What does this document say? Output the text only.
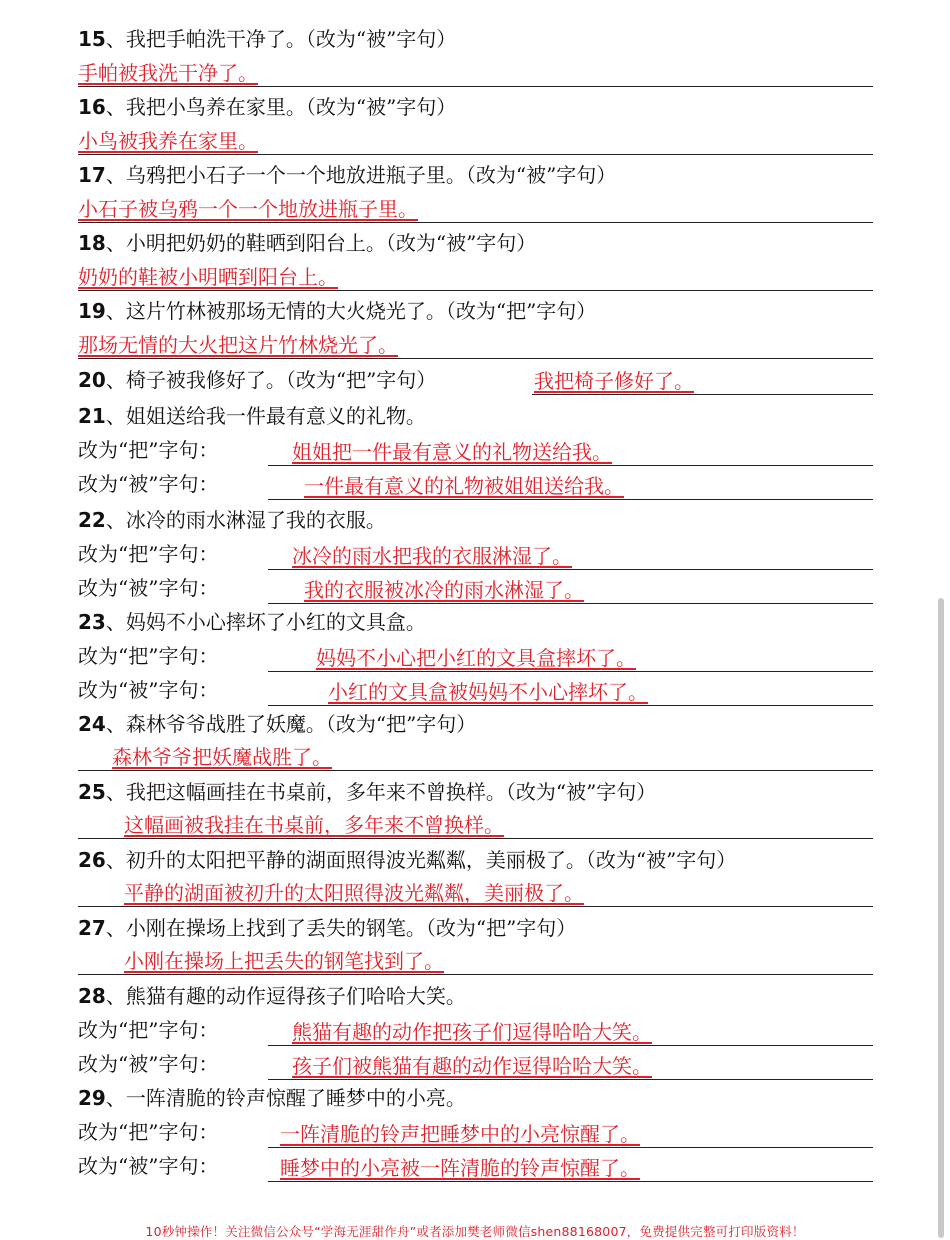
15、我把手帕洗干净了。（改为“被”字句）
手帕被我洗干净了。
16、我把小鸟养在家里。（改为“被”字句）
小鸟被我养在家里。
17、乌鸦把小石子一个一个地放进瓶子里。（改为“被”字句）
小石子被乌鸦一个一个地放进瓶子里。
18、小明把奶奶的鞋晒到阳台上。（改为“被”字句）
奶奶的鞋被小明晒到阳台上。
19、这片竹林被那场无情的大火烧光了。（改为“把”字句）
那场无情的大火把这片竹林烧光了。
20、椅子被我修好了。（改为“把”字句）	我把椅子修好了。
21、姐姐送给我一件最有意义的礼物。
改为“把”字句：	姐姐把一件最有意义的礼物送给我。
改为“被”字句：	一件最有意义的礼物被姐姐送给我。
22、冰冷的雨水淋湿了我的衣服。
改为“把”字句：	冰冷的雨水把我的衣服淋湿了。
改为“被”字句：	我的衣服被冰冷的雨水淋湿了。
23、妈妈不小心摔坏了小红的文具盒。
改为“把”字句：	妈妈不小心把小红的文具盒摔坏了。
改为“被”字句：	小红的文具盒被妈妈不小心摔坏了。
24、森林爷爷战胜了妖魔。（改为“把”字句）
森林爷爷把妖魔战胜了。
25、我把这幅画挂在书桌前，多年来不曾换样。（改为“被”字句）
这幅画被我挂在书桌前，多年来不曾换样。
26、初升的太阳把平静的湖面照得波光粼粼，美丽极了。（改为“被”字句）
平静的湖面被初升的太阳照得波光粼粼，美丽极了。
27、小刚在操场上找到了丢失的钢笔。（改为“把”字句）
小刚在操场上把丢失的钢笔找到了。
28、熊猫有趣的动作逗得孩子们哈哈大笑。
改为“把”字句：	熊猫有趣的动作把孩子们逗得哈哈大笑。
改为“被”字句：	孩子们被熊猫有趣的动作逗得哈哈大笑。
29、一阵清脆的铃声惊醒了睡梦中的小亮。
改为“把”字句：	一阵清脆的铃声把睡梦中的小亮惊醒了。
改为“被”字句：	睡梦中的小亮被一阵清脆的铃声惊醒了。
10秒钟操作！关注微信公众号“学海无涯甜作舟”或者添加樊老师微信shen88168007，免费提供完整可打印版资料！
